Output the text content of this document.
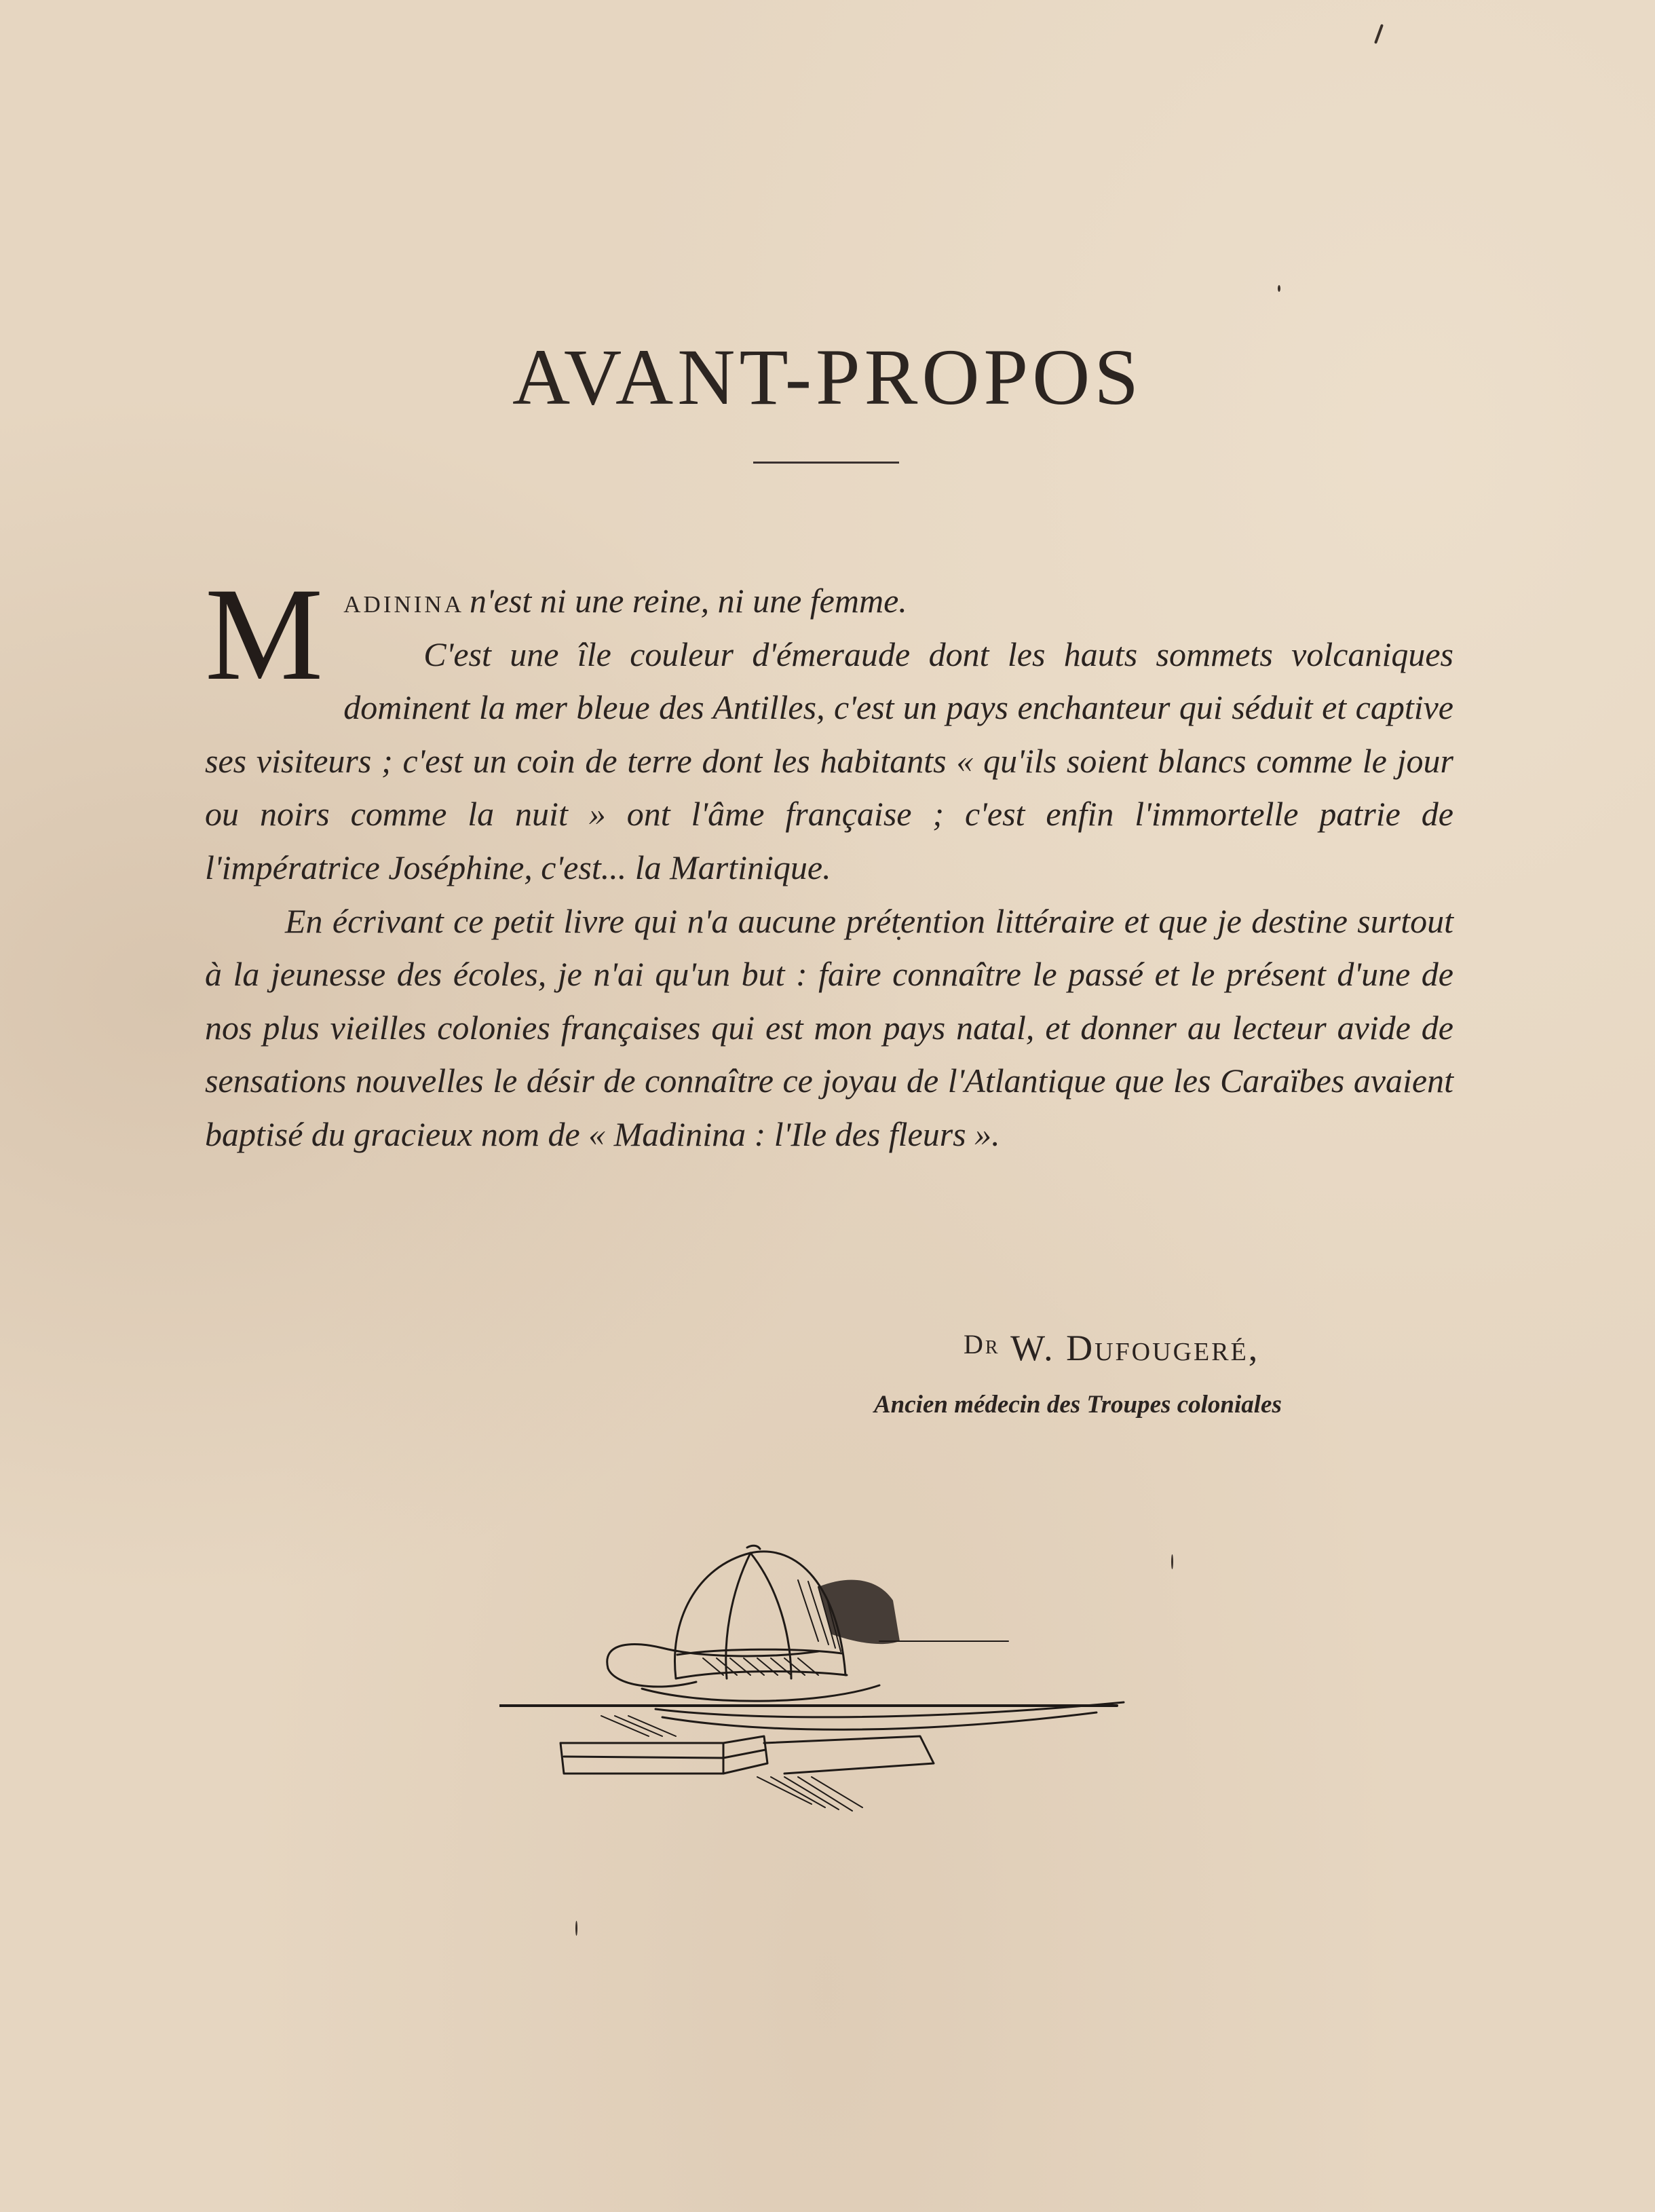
AVANT-PROPOS
M adinina n'est ni une reine, ni une femme.

C'est une île couleur d'émeraude dont les hauts sommets volcaniques dominent la mer bleue des Antilles, c'est un pays enchanteur qui séduit et captive ses visiteurs ; c'est un coin de terre dont les habitants « qu'ils soient blancs comme le jour ou noirs comme la nuit » ont l'âme française ; c'est enfin l'immortelle patrie de l'impératrice Joséphine, c'est... la Martinique.

En écrivant ce petit livre qui n'a aucune prétention littéraire et que je destine surtout à la jeunesse des écoles, je n'ai qu'un but : faire connaître le passé et le présent d'une de nos plus vieilles colonies françaises qui est mon pays natal, et donner au lecteur avide de sensations nouvelles le désir de connaître ce joyau de l'Atlantique que les Caraïbes avaient baptisé du gracieux nom de « Madinina : l'Ile des fleurs ».

Dr W. Dufougeré,
Ancien médecin des Troupes coloniales
